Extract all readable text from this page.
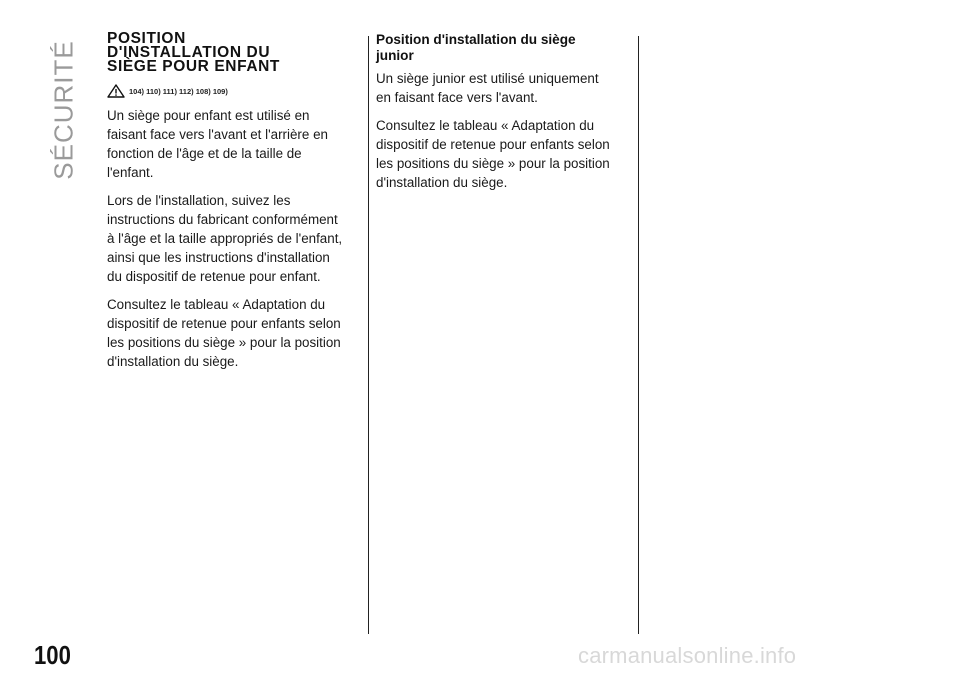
SÉCURITÉ
POSITION
D'INSTALLATION DU
SIÈGE POUR ENFANT
104) 110) 111) 112) 108) 109)

Un siège pour enfant est utilisé en
faisant face vers l'avant et l'arrière en
fonction de l'âge et de la taille de
l'enfant.

Lors de l'installation, suivez les
instructions du fabricant conformément
à l'âge et la taille appropriés de l'enfant,
ainsi que les instructions d'installation
du dispositif de retenue pour enfant.

Consultez le tableau « Adaptation du
dispositif de retenue pour enfants selon
les positions du siège » pour la position
d'installation du siège.

Position d'installation du siège
junior

Un siège junior est utilisé uniquement
en faisant face vers l'avant.

Consultez le tableau « Adaptation du
dispositif de retenue pour enfants selon
les positions du siège » pour la position
d'installation du siège.

100	carmanualsonline.info
